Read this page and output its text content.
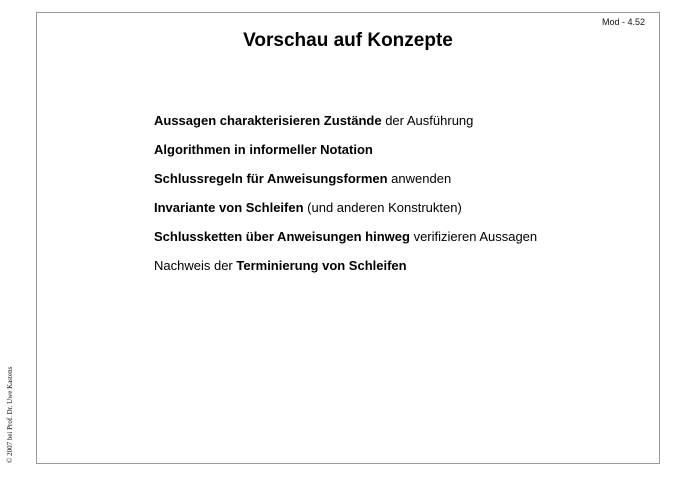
© 2007 bei Prof. Dr. Uwe Kastens
Mod - 4.52
Vorschau auf Konzepte
Aussagen charakterisieren Zustände der Ausführung
Algorithmen in informeller Notation
Schlussregeln für Anweisungsformen anwenden
Invariante von Schleifen (und anderen Konstrukten)
Schlussketten über Anweisungen hinweg verifizieren Aussagen
Nachweis der Terminierung von Schleifen
